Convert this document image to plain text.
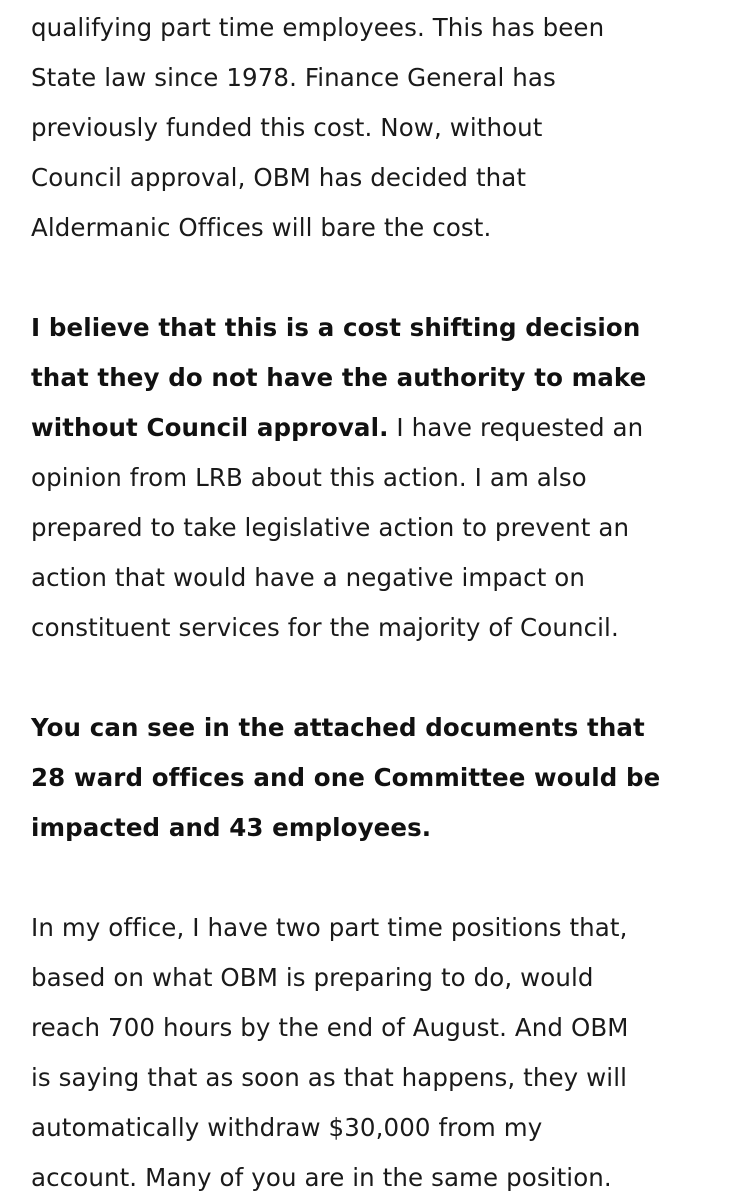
qualifying part time employees. This has been
State law since 1978. Finance General has
previously funded this cost. Now, without
Council approval, OBM has decided that
Aldermanic Offices will bare the cost.
I believe that this is a cost shifting decision
that they do not have the authority to make
without Council approval. I have requested an
opinion from LRB about this action. I am also
prepared to take legislative action to prevent an
action that would have a negative impact on
constituent services for the majority of Council.
You can see in the attached documents that
28 ward offices and one Committee would be
impacted and 43 employees.
In my office, I have two part time positions that,
based on what OBM is preparing to do, would
reach 700 hours by the end of August. And OBM
is saying that as soon as that happens, they will
automatically withdraw $30,000 from my
account. Many of you are in the same position.
